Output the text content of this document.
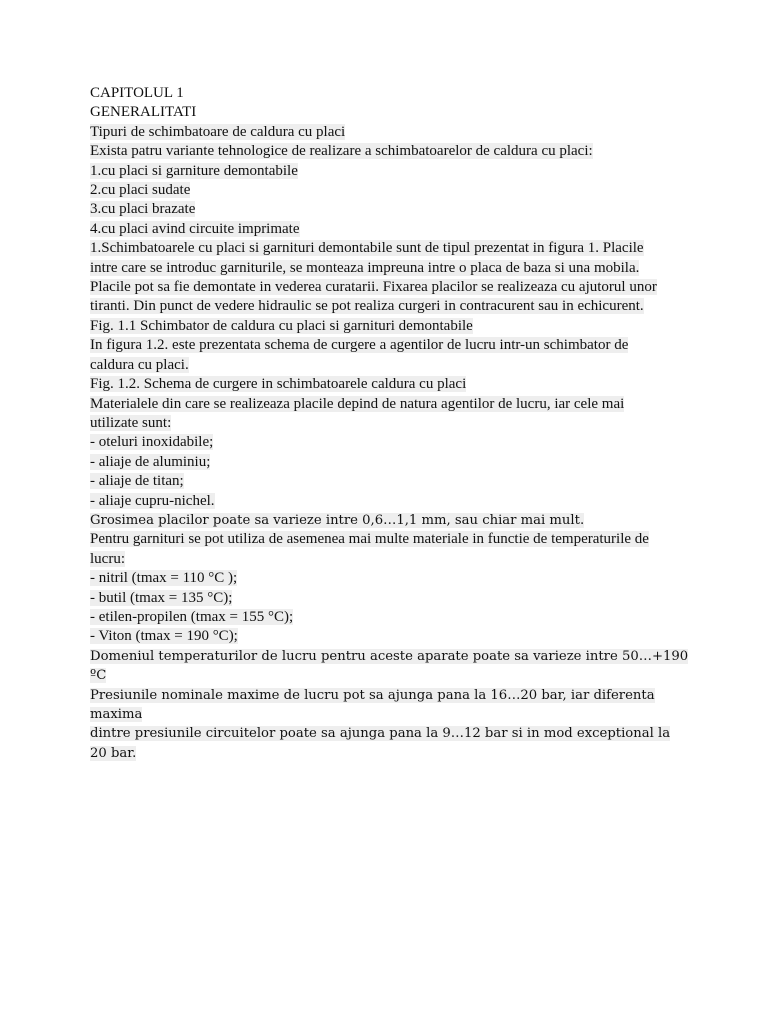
CAPITOLUL 1
GENERALITATI
Tipuri de schimbatoare de caldura cu placi
Exista patru variante tehnologice de realizare a schimbatoarelor de caldura cu placi:
1.cu placi si garniture demontabile
2.cu placi sudate
3.cu placi brazate
4.cu placi avind circuite imprimate
1.Schimbatoarele cu placi si garnituri demontabile sunt de tipul prezentat in figura 1. Placile
intre care se introduc garniturile, se monteaza impreuna intre o placa de baza si una mobila.
Placile pot sa fie demontate in vederea curatarii. Fixarea placilor se realizeaza cu ajutorul unor
tiranti. Din punct de vedere hidraulic se pot realiza curgeri in contracurent sau in echicurent.
Fig. 1.1 Schimbator de caldura cu placi si garnituri demontabile
In figura 1.2. este prezentata schema de curgere a agentilor de lucru intr-un schimbator de
caldura cu placi.
Fig. 1.2. Schema de curgere in schimbatoarele caldura cu placi
Materialele din care se realizeaza placile depind de natura agentilor de lucru, iar cele mai
utilizate sunt:
- oteluri inoxidabile;
- aliaje de aluminiu;
- aliaje de titan;
- aliaje cupru-nichel.
Grosimea placilor poate sa varieze intre 0,6…1,1 mm, sau chiar mai mult.
Pentru garnituri se pot utiliza de asemenea mai multe materiale in functie de temperaturile de
lucru:
- nitril (tmax = 110 °C );
- butil (tmax = 135 °C);
- etilen-propilen (tmax = 155 °C);
- Viton (tmax = 190 °C);
Domeniul temperaturilor de lucru pentru aceste aparate poate sa varieze intre 50…+190 ºC
Presiunile nominale maxime de lucru pot sa ajunga pana la 16…20 bar, iar diferenta maxima
dintre presiunile circuitelor poate sa ajunga pana la 9…12 bar si in mod exceptional la 20 bar.
